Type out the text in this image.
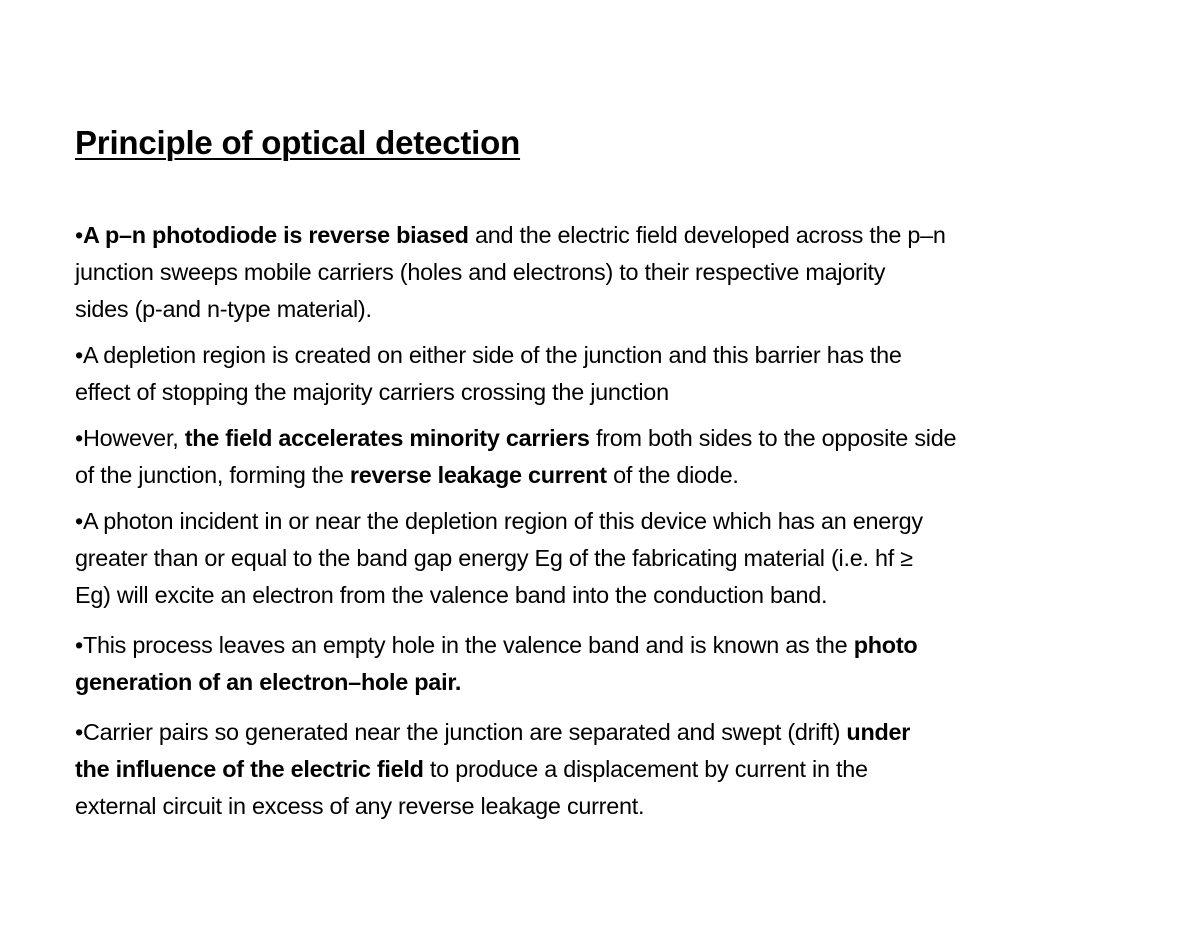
Principle of optical detection
•A p–n photodiode is reverse biased and the electric field developed across the p–n
junction sweeps mobile carriers (holes and electrons) to their respective majority
sides (p-and n-type material).
•A depletion region is created on either side of the junction and this barrier has the
effect of stopping the majority carriers crossing the junction
•However, the field accelerates minority carriers from both sides to the opposite side
of the junction, forming the reverse leakage current of the diode.
•A photon incident in or near the depletion region of this device which has an energy
greater than or equal to the band gap energy Eg of the fabricating material (i.e. hf ≥
Eg) will excite an electron from the valence band into the conduction band.
•This process leaves an empty hole in the valence band and is known as the photo
generation of an electron–hole pair.
•Carrier pairs so generated near the junction are separated and swept (drift) under
the influence of the electric field to produce a displacement by current in the
external circuit in excess of any reverse leakage current.
